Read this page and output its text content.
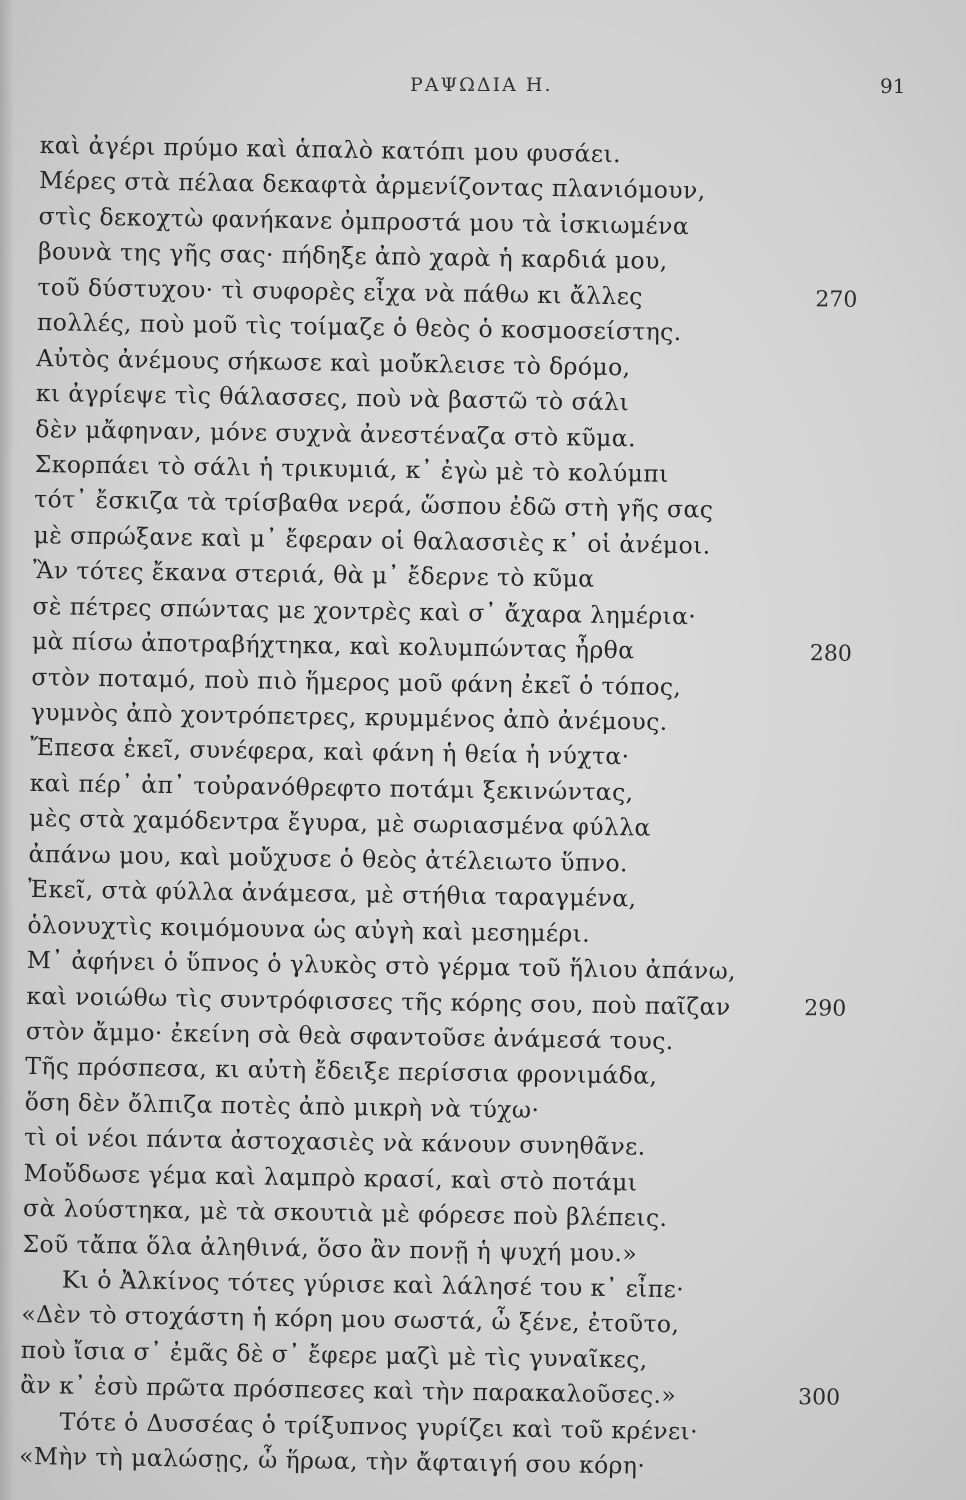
ΡΑΨΩΔΙΑ Η.	91
καὶ ἀγέρι πρύμο καὶ ἁπαλὸ κατόπι μου φυσάει.
Μέρες στὰ πέλαα δεκαφτὰ ἀρμενίζοντας πλανιόμουν,
στὶς δεκοχτὼ φανήκανε ὀμπροστά μου τὰ ἰσκιωμένα
βουνὰ της γῆς σας· πήδηξε ἀπὸ χαρὰ ἡ καρδιά μου,
τοῦ δύστυχου· τὶ συφορὲς εἶχα νὰ πάθω κι ἄλλες	270
πολλές, ποὺ μοῦ τὶς τοίμαζε ὁ θεὸς ὁ κοσμοσείστης.
Αὐτὸς ἀνέμους σήκωσε καὶ μοὔκλεισε τὸ δρόμο,
κι ἀγρίεψε τὶς θάλασσες, ποὺ νὰ βαστῶ τὸ σάλι
δὲν μἄφηναν, μόνε συχνὰ ἀνεστέναζα στὸ κῦμα.
Σκορπάει τὸ σάλι ἡ τρικυμιά, κ᾽ ἐγὼ μὲ τὸ κολύμπι
τότ᾽ ἔσκιζα τὰ τρίσβαθα νερά, ὥσπου ἐδῶ στὴ γῆς σας
μὲ σπρώξανε καὶ μ᾽ ἔφεραν οἱ θαλασσιὲς κ᾽ οἱ ἀνέμοι.
Ἂν τότες ἔκανα στεριά, θὰ μ᾽ ἔδερνε τὸ κῦμα
σὲ πέτρες σπώντας με χοντρὲς καὶ σ᾽ ἄχαρα λημέρια·
μὰ πίσω ἀποτραβήχτηκα, καὶ κολυμπώντας ἦρθα	280
στὸν ποταμό, ποὺ πιὸ ἥμερος μοῦ φάνη ἐκεῖ ὁ τόπος,
γυμνὸς ἀπὸ χοντρόπετρες, κρυμμένος ἀπὸ ἀνέμους.
Ἔπεσα ἐκεῖ, συνέφερα, καὶ φάνη ἡ θεία ἡ νύχτα·
καὶ πέρ᾽ ἀπ᾽ τοὐρανόθρεφτο ποτάμι ξεκινώντας,
μὲς στὰ χαμόδεντρα ἔγυρα, μὲ σωριασμένα φύλλα
ἀπάνω μου, καὶ μοὔχυσε ὁ θεὸς ἀτέλειωτο ὕπνο.
Ἐκεῖ, στὰ φύλλα ἀνάμεσα, μὲ στήθια ταραγμένα,
ὁλονυχτὶς κοιμόμουνα ὡς αὐγὴ καὶ μεσημέρι.
Μ᾽ ἀφήνει ὁ ὕπνος ὁ γλυκὸς στὸ γέρμα τοῦ ἥλιου ἀπάνω,
καὶ νοιώθω τὶς συντρόφισσες τῆς κόρης σου, ποὺ παῖζαν	290
στὸν ἄμμο· ἐκείνη σὰ θεὰ σφαντοῦσε ἀνάμεσά τους.
Τῆς πρόσπεσα, κι αὐτὴ ἔδειξε περίσσια φρονιμάδα,
ὅση δὲν ὄλπιζα ποτὲς ἀπὸ μικρὴ νὰ τύχω·
τὶ οἱ νέοι πάντα ἀστοχασιὲς νὰ κάνουν συνηθᾶνε.
Μοὔδωσε γέμα καὶ λαμπρὸ κρασί, καὶ στὸ ποτάμι
σὰ λούστηκα, μὲ τὰ σκουτιὰ μὲ φόρεσε ποὺ βλέπεις.
Σοῦ τἄπα ὅλα ἀληθινά, ὅσο ἂν πονῇ ἡ ψυχή μου.»
Κι ὁ Ἀλκίνος τότες γύρισε καὶ λάλησέ του κ᾽ εἶπε·
«Δὲν τὸ στοχάστη ἡ κόρη μου σωστά, ὦ ξένε, ἐτοῦτο,
ποὺ ἴσια σ᾽ ἐμᾶς δὲ σ᾽ ἔφερε μαζὶ μὲ τὶς γυναῖκες,
ἂν κ᾽ ἐσὺ πρῶτα πρόσπεσες καὶ τὴν παρακαλοῦσες.»	300
Τότε ὁ Δυσσέας ὁ τρίξυπνος γυρίζει καὶ τοῦ κρένει·
«Μὴν τὴ μαλώσῃς, ὦ ἥρωα, τὴν ἄφταιγή σου κόρη·
